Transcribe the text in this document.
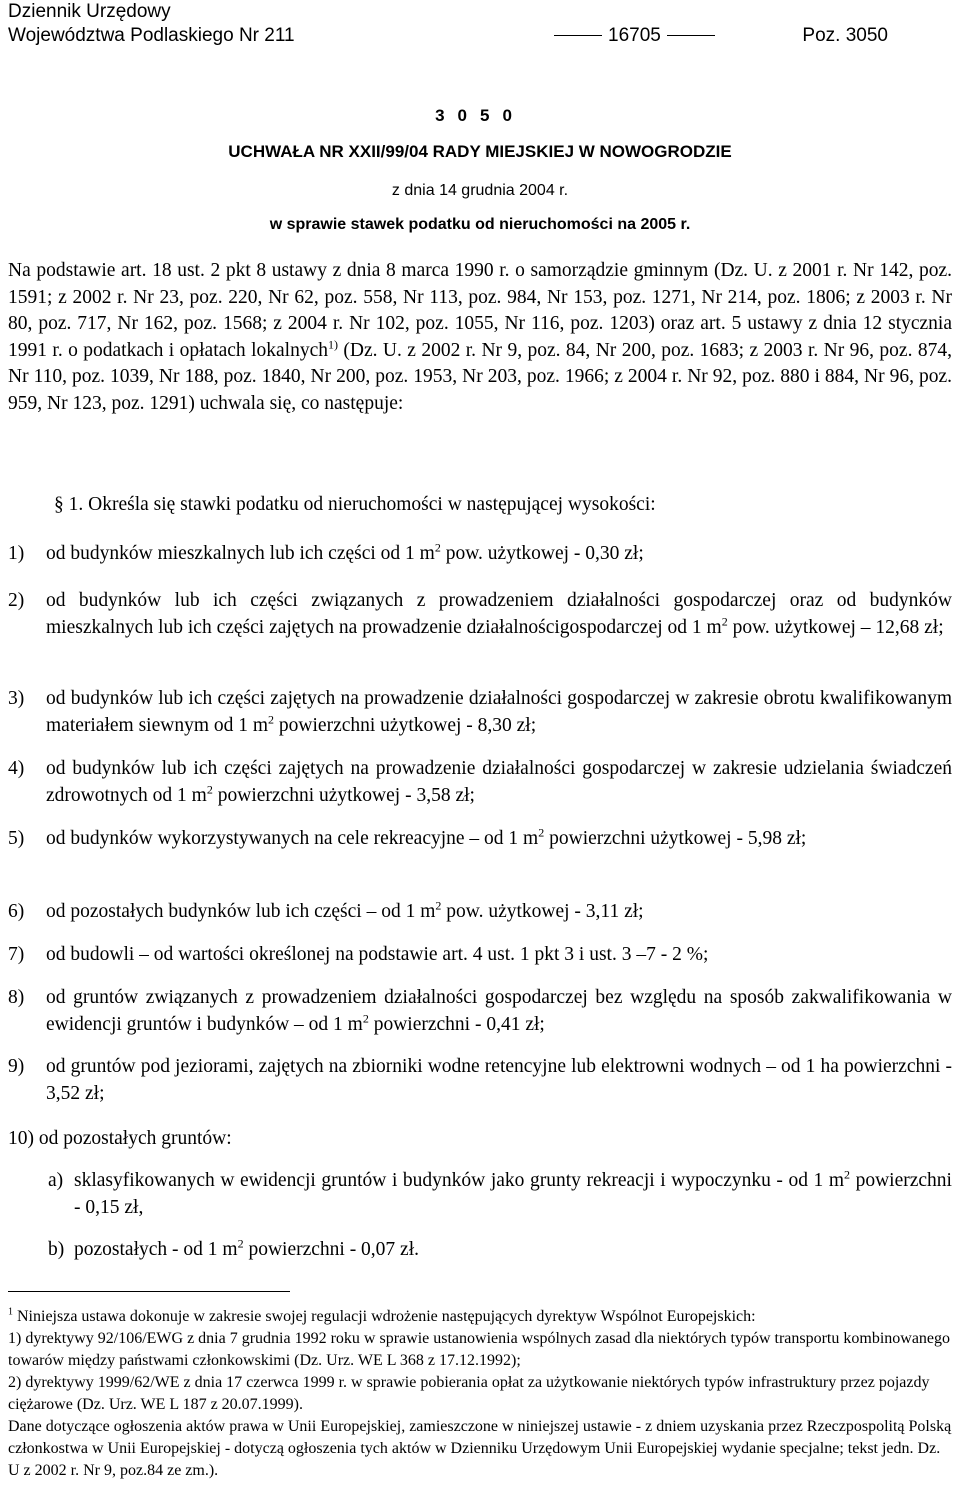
Dziennik Urzędowy
Województwa Podlaskiego Nr 211	16705	Poz. 3050
3050
UCHWAŁA NR XXII/99/04 RADY MIEJSKIEJ W NOWOGRODZIE
z dnia 14 grudnia 2004 r.
w sprawie stawek podatku od nieruchomości na 2005 r.
Na podstawie art. 18 ust. 2 pkt 8 ustawy z dnia 8 marca 1990 r. o samorządzie gminnym (Dz. U. z 2001 r. Nr 142, poz. 1591; z 2002 r. Nr 23, poz. 220, Nr 62, poz. 558, Nr 113, poz. 984, Nr 153, poz. 1271, Nr 214, poz. 1806; z 2003 r. Nr 80, poz. 717, Nr 162, poz. 1568; z 2004 r. Nr 102, poz. 1055, Nr 116, poz. 1203) oraz art. 5 ustawy z dnia 12 stycznia 1991 r. o podatkach i opłatach lokalnych$^{1)}$ (Dz. U. z 2002 r. Nr 9, poz. 84, Nr 200, poz. 1683; z 2003 r. Nr 96, poz. 874, Nr 110, poz. 1039, Nr 188, poz. 1840, Nr 200, poz. 1953, Nr 203, poz. 1966; z 2004 r. Nr 92, poz. 880 i 884, Nr 96, poz. 959, Nr 123, poz. 1291) uchwala się, co następuje:
§ 1. Określa się stawki podatku od nieruchomości w następującej wysokości:
1) od budynków mieszkalnych lub ich części od 1 $m^2$ pow. użytkowej - 0,30 zł;
2) od budynków lub ich części związanych z prowadzeniem działalności gospodarczej oraz od budynków mieszkalnych lub ich części zajętych na prowadzenie działalnościgospodarczej od 1 $m^2$ pow. użytkowej – 12,68 zł;
3) od budynków lub ich części zajętych na prowadzenie działalności gospodarczej w zakresie obrotu kwalifikowanym materiałem siewnym od 1 $m^2$ powierzchni użytkowej - 8,30 zł;
4) od budynków lub ich części zajętych na prowadzenie działalności gospodarczej w zakresie udzielania świadczeń zdrowotnych od 1 $m^2$ powierzchni użytkowej - 3,58 zł;
5) od budynków wykorzystywanych na cele rekreacyjne – od 1 $m^2$ powierzchni użytkowej - 5,98 zł;
6) od pozostałych budynków lub ich części – od 1 $m^2$ pow. użytkowej - 3,11 zł;
7) od budowli – od wartości określonej na podstawie art. 4 ust. 1 pkt 3 i ust. 3 –7 - 2 %;
8) od gruntów związanych z prowadzeniem działalności gospodarczej bez względu na sposób zakwalifikowania w ewidencji gruntów i budynków – od 1 $m^2$ powierzchni - 0,41 zł;
9) od gruntów pod jeziorami, zajętych na zbiorniki wodne retencyjne lub elektrowni wodnych – od 1 ha powierzchni - 3,52 zł;
10) od pozostałych gruntów:
a) sklasyfikowanych w ewidencji gruntów i budynków jako grunty rekreacji i wypoczynku - od 1 $m^2$ powierzchni - 0,15 zł,
b) pozostałych - od 1 $m^2$ powierzchni - 0,07 zł.

$^1$ Niniejsza ustawa dokonuje w zakresie swojej regulacji wdrożenie następujących dyrektyw Wspólnot Europejskich:

1) dyrektywy 92/106/EWG z dnia 7 grudnia 1992 roku w sprawie ustanowienia wspólnych zasad dla niektórych typów transportu kombinowanego towarów między państwami członkowskimi (Dz. Urz. WE L 368 z 17.12.1992);

2) dyrektywy 1999/62/WE z dnia 17 czerwca 1999 r. w sprawie pobierania opłat za użytkowanie niektórych typów infrastruktury przez pojazdy ciężarowe (Dz. Urz. WE L 187 z 20.07.1999).

Dane dotyczące ogłoszenia aktów prawa w Unii Europejskiej, zamieszczone w niniejszej ustawie - z dniem uzyskania przez Rzeczpospolitą Polską członkostwa w Unii Europejskiej - dotyczą ogłoszenia tych aktów w Dzienniku Urzędowym Unii Europejskiej wydanie specjalne; tekst jedn. Dz. U z 2002 r. Nr 9, poz.84 ze zm.).
